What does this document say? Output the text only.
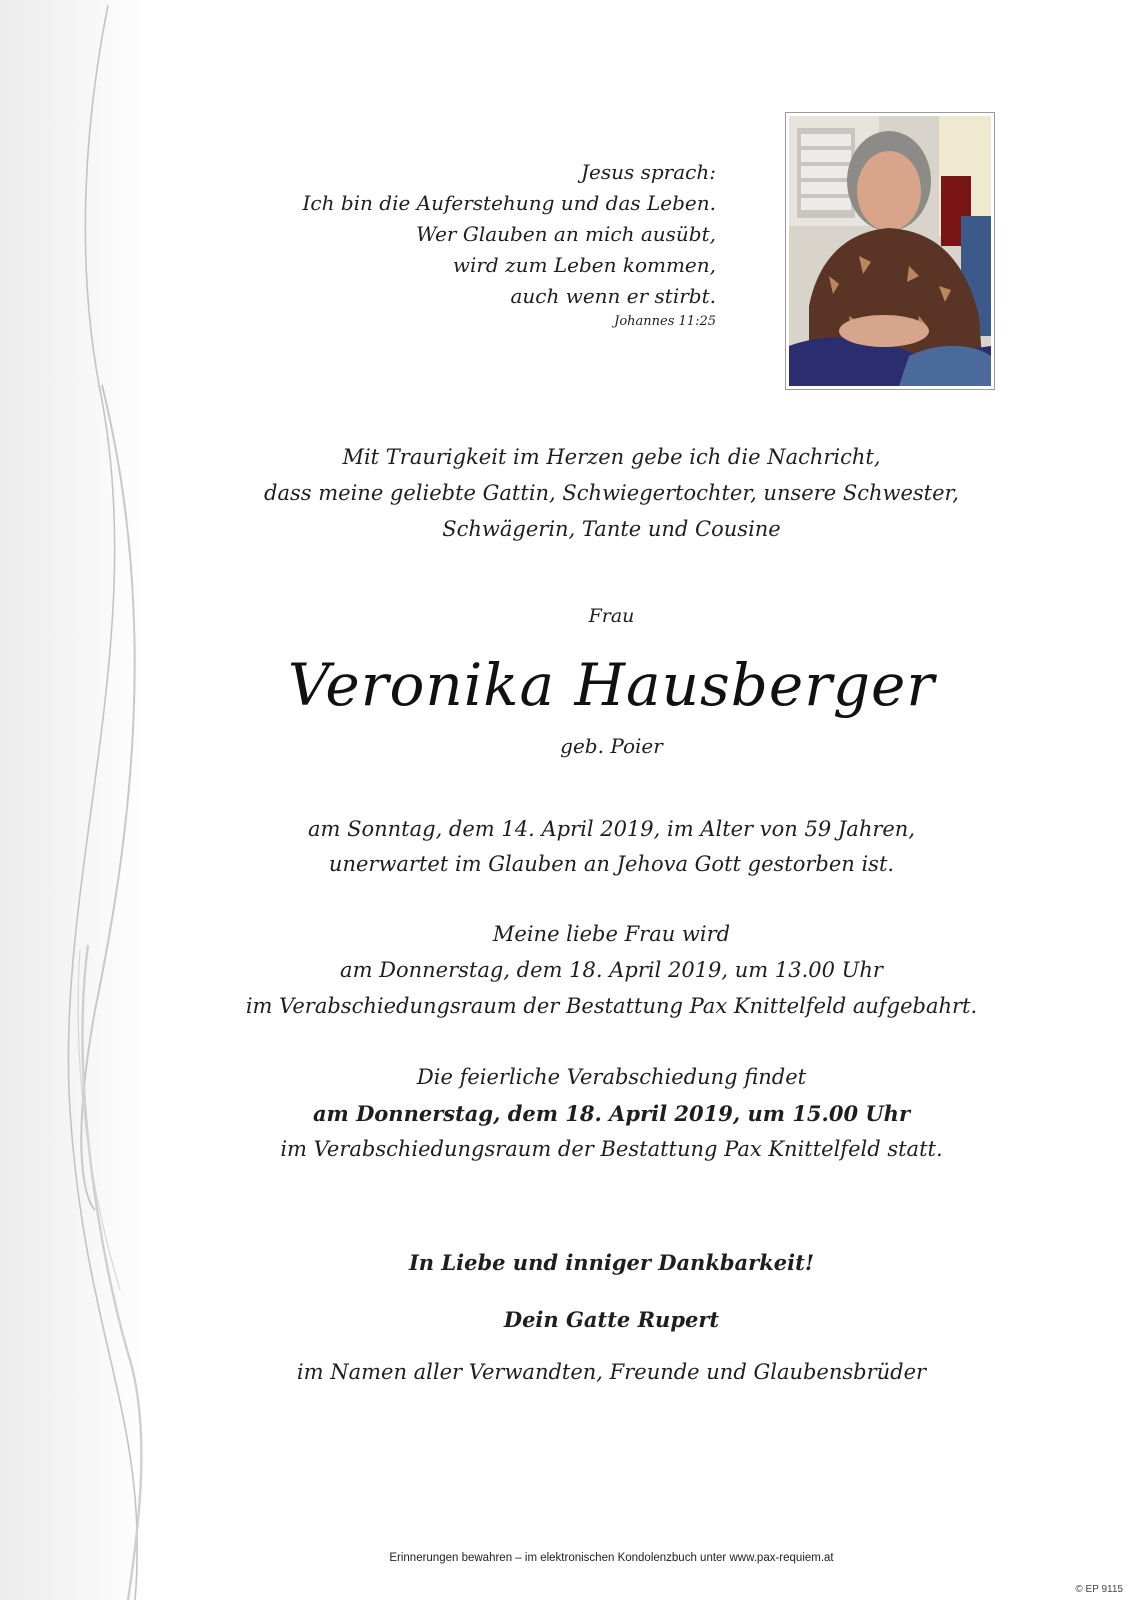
Jesus sprach:
Ich bin die Auferstehung und das Leben.
Wer Glauben an mich ausübt,
wird zum Leben kommen,
auch wenn er stirbt.
Johannes 11:25
Mit Traurigkeit im Herzen gebe ich die Nachricht,
dass meine geliebte Gattin, Schwiegertochter, unsere Schwester,
Schwägerin, Tante und Cousine
Frau
Veronika Hausberger
geb. Poier
am Sonntag, dem 14. April 2019, im Alter von 59 Jahren,
unerwartet im Glauben an Jehova Gott gestorben ist.
Meine liebe Frau wird
am Donnerstag, dem 18. April 2019, um 13.00 Uhr
im Verabschiedungsraum der Bestattung Pax Knittelfeld aufgebahrt.
Die feierliche Verabschiedung findet
am Donnerstag, dem 18. April 2019, um 15.00 Uhr
im Verabschiedungsraum der Bestattung Pax Knittelfeld statt.
In Liebe und inniger Dankbarkeit!
Dein Gatte Rupert
im Namen aller Verwandten, Freunde und Glaubensbrüder
Erinnerungen bewahren – im elektronischen Kondolenzbuch unter www.pax-requiem.at
© EP 9115
